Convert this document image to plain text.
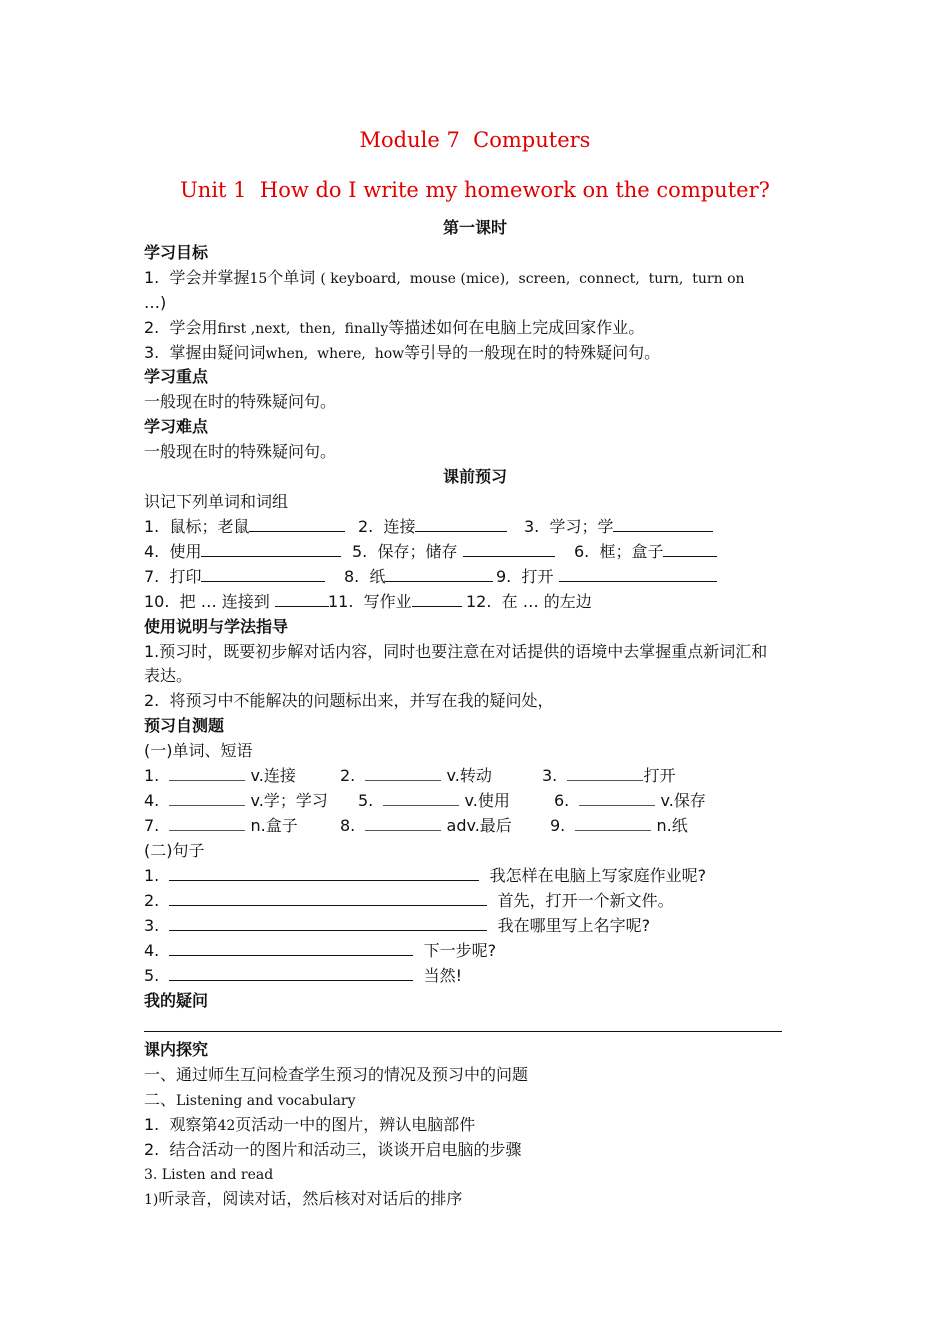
Module 7  Computers
Unit 1  How do I write my homework on the computer?
第一课时
学习目标
1.  学会并掌握15个单词 ( keyboard,  mouse (mice),  screen,  connect,  turn,  turn on
…)
2.  学会用first ,next,  then,  finally等描述如何在电脑上完成回家作业。
3.  掌握由疑问词when,  where,  how等引导的一般现在时的特殊疑问句。
学习重点
一般现在时的特殊疑问句。
学习难点
一般现在时的特殊疑问句。
课前预习
识记下列单词和词组
1.  鼠标；老鼠	2.  连接	3.  学习；学
4.  使用	5.  保存；储存	6.  框；盒子
7.  打印	8.  纸	9.  打开
10.  把 … 连接到	11.  写作业	12.  在 … 的左边
使用说明与学法指导
1.预习时，既要初步解对话内容，同时也要注意在对话提供的语境中去掌握重点新词汇和
表达。
2.  将预习中不能解决的问题标出来，并写在我的疑问处，
预习自测题
(一)单词、短语
1.	v.连接	2.	v.转动	3.	打开
4.	v.学；学习 5.	v.使用	6.	v.保存
7.	n.盒子	8.	adv.最后 9.	n.纸
(二)句子
1.	我怎样在电脑上写家庭作业呢?
2.	首先，打开一个新文件。
3.	我在哪里写上名字呢?
4.	下一步呢?
5.	当然!
我的疑问
课内探究
一、通过师生互问检查学生预习的情况及预习中的问题
二、Listening and vocabulary
1.  观察第42页活动一中的图片，辨认电脑部件
2.  结合活动一的图片和活动三，谈谈开启电脑的步骤
3. Listen and read
1)听录音，阅读对话，然后核对对话后的排序
